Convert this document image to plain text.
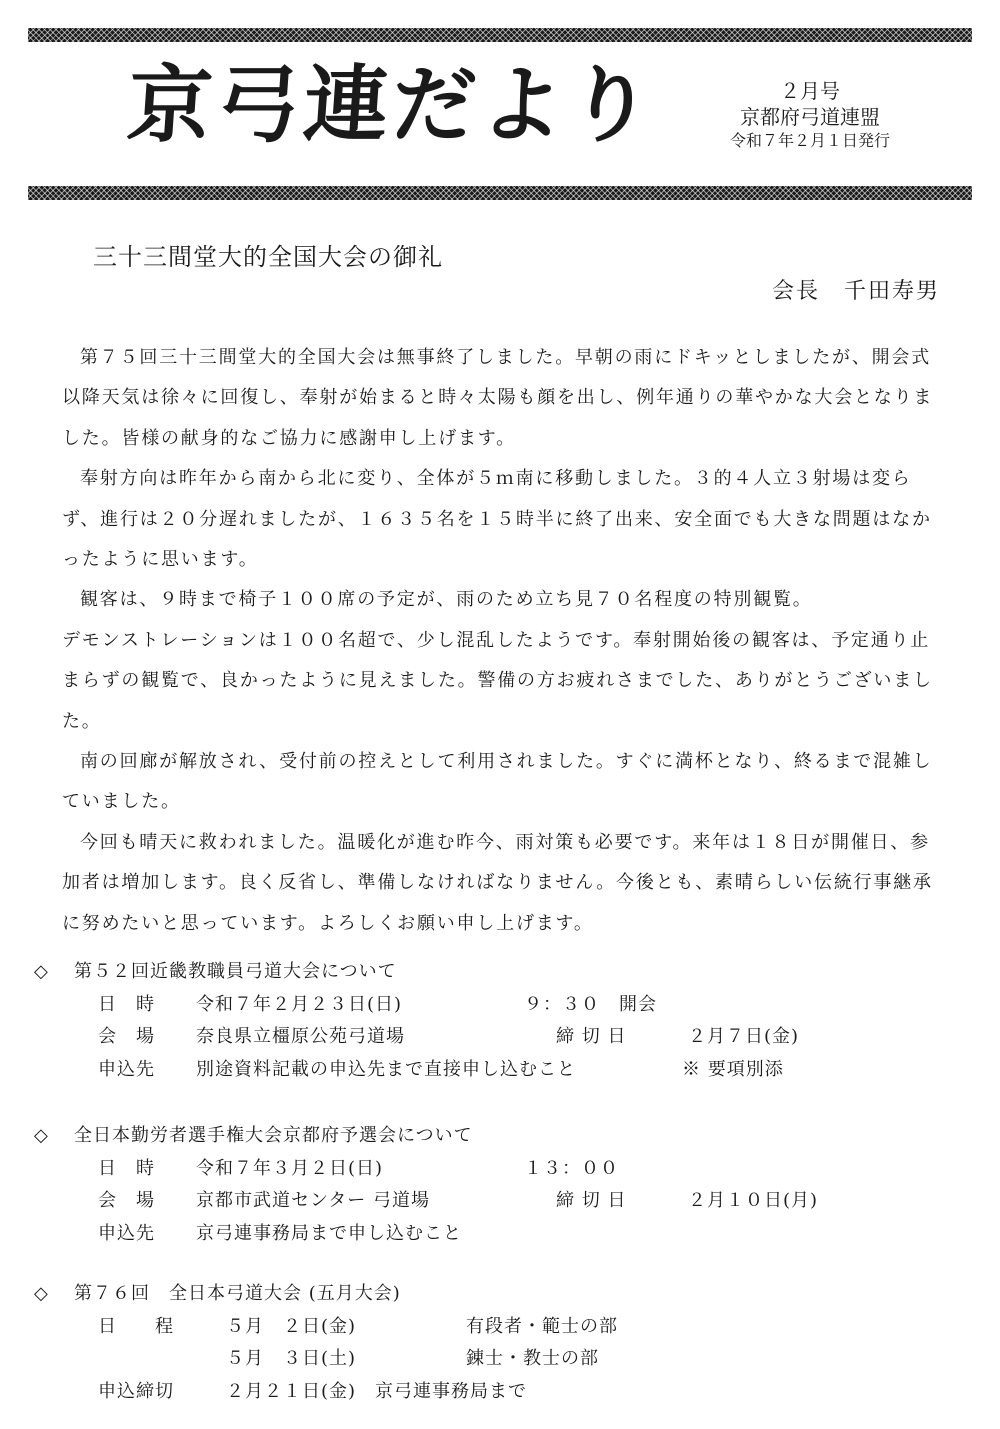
京弓連だより	２月号
京都府弓道連盟
令和７年２月１日発行
三十三間堂大的全国大会の御礼
会長　千田寿男

第７５回三十三間堂大的全国大会は無事終了しました。早朝の雨にドキッとしましたが、開会式以降天気は徐々に回復し、奉射が始まると時々太陽も顔を出し、例年通りの華やかな大会となりました。皆様の献身的なご協力に感謝申し上げます。

奉射方向は昨年から南から北に変り、全体が５ｍ南に移動しました。３的４人立３射場は変らず、進行は２０分遅れましたが、１６３５名を１５時半に終了出来、安全面でも大きな問題はなかったように思います。

観客は、９時まで椅子１００席の予定が、雨のため立ち見７０名程度の特別観覧。

デモンストレーションは１００名超で、少し混乱したようです。奉射開始後の観客は、予定通り止まらずの観覧で、良かったように見えました。警備の方お疲れさまでした、ありがとうございました。

南の回廊が解放され、受付前の控えとして利用されました。すぐに満杯となり、終るまで混雑していました。

今回も晴天に救われました。温暖化が進む昨今、雨対策も必要です。来年は１８日が開催日、参加者は増加します。良く反省し、準備しなければなりません。今後とも、素晴らしい伝統行事継承に努めたいと思っています。よろしくお願い申し上げます。

◇ 第５２回近畿教職員弓道大会について
日　時 令和７年２月２３日(日)	９：３０　開会
会　場 奈良県立橿原公苑弓道場	締 切 日	２月７日(金)
申込先 別途資料記載の申込先まで直接申し込むこと	※ 要項別添
◇ 全日本勤労者選手権大会京都府予選会について
日　時 令和７年３月２日(日)	１３：００
会　場 京都市武道センター 弓道場	締 切 日	２月１０日(月)
申込先 京弓連事務局まで申し込むこと
◇ 第７６回　全日本弓道大会 (五月大会)
日　　程	５月　２日(金)	有段者・範士の部
５月　３日(土)	錬士・教士の部
申込締切	２月２１日(金)　京弓連事務局まで
